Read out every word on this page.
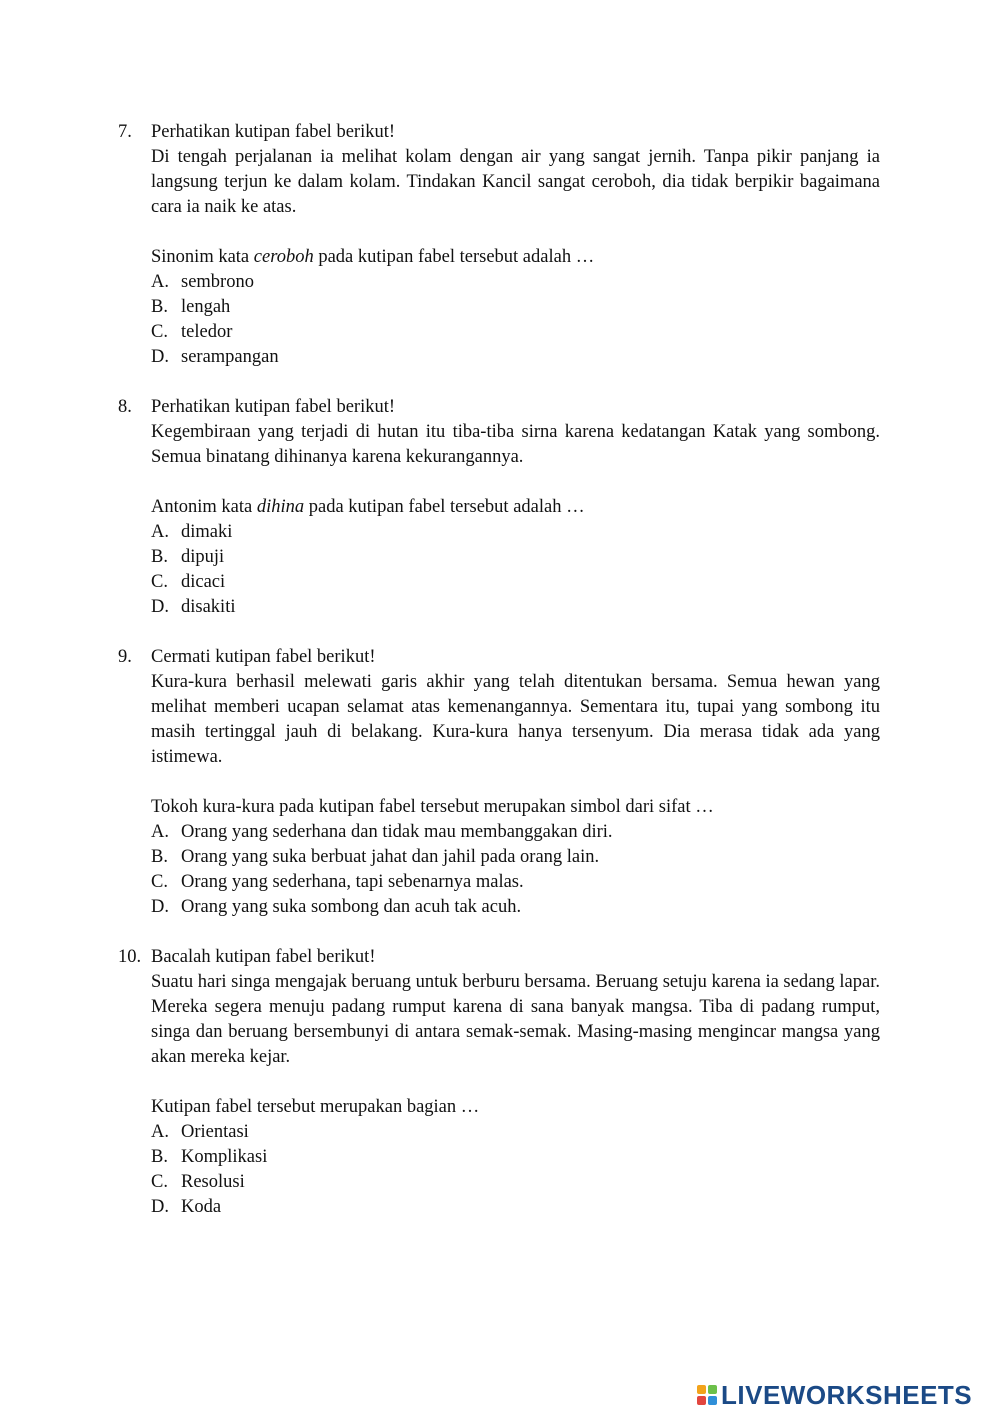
7.	Perhatikan kutipan fabel berikut!

Di tengah perjalanan ia melihat kolam dengan air yang sangat jernih. Tanpa pikir panjang ia langsung terjun ke dalam kolam. Tindakan Kancil sangat ceroboh, dia tidak berpikir bagaimana cara ia naik ke atas.

Sinonim kata ceroboh pada kutipan fabel tersebut adalah …

A. sembrono
B. lengah
C. teledor
D. serampangan
8.	Perhatikan kutipan fabel berikut!

Kegembiraan yang terjadi di hutan itu tiba-tiba sirna karena kedatangan Katak yang sombong. Semua binatang dihinanya karena kekurangannya.

Antonim kata dihina pada kutipan fabel tersebut adalah …

A. dimaki
B. dipuji
C. dicaci
D. disakiti
9.	Cermati kutipan fabel berikut!

Kura-kura berhasil melewati garis akhir yang telah ditentukan bersama. Semua hewan yang melihat memberi ucapan selamat atas kemenangannya. Sementara itu, tupai yang sombong itu masih tertinggal jauh di belakang. Kura-kura hanya tersenyum. Dia merasa tidak ada yang istimewa.

Tokoh kura-kura pada kutipan fabel tersebut merupakan simbol dari sifat …

A. Orang yang sederhana dan tidak mau membanggakan diri.
B. Orang yang suka berbuat jahat dan jahil pada orang lain.
C. Orang yang sederhana, tapi sebenarnya malas.
D. Orang yang suka sombong dan acuh tak acuh.
10. Bacalah kutipan fabel berikut!

Suatu hari singa mengajak beruang untuk berburu bersama. Beruang setuju karena ia sedang lapar. Mereka segera menuju padang rumput karena di sana banyak mangsa. Tiba di padang rumput, singa dan beruang bersembunyi di antara semak-semak. Masing-masing mengincar mangsa yang akan mereka kejar.

Kutipan fabel tersebut merupakan bagian …

A. Orientasi
B. Komplikasi
C. Resolusi
D. Koda
LIVEWORKSHEETS
